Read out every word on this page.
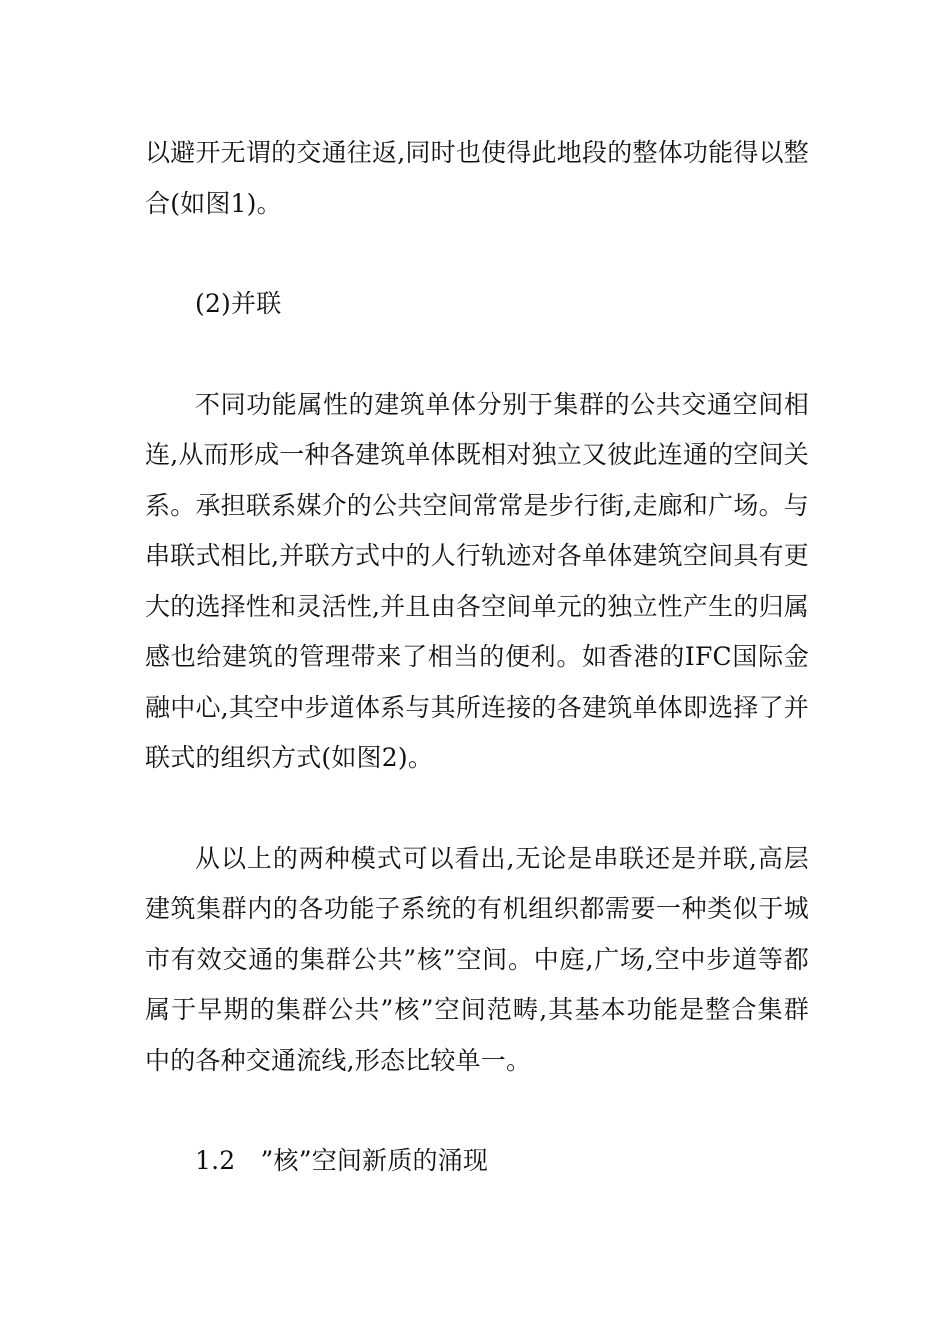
以避开无谓的交通往返,同时也使得此地段的整体功能得以整合(如图1)。

(2)并联

不同功能属性的建筑单体分别于集群的公共交通空间相连,从而形成一种各建筑单体既相对独立又彼此连通的空间关系。承担联系媒介的公共空间常常是步行街,走廊和广场。与串联式相比,并联方式中的人行轨迹对各单体建筑空间具有更大的选择性和灵活性,并且由各空间单元的独立性产生的归属感也给建筑的管理带来了相当的便利。如香港的IFC国际金融中心,其空中步道体系与其所连接的各建筑单体即选择了并联式的组织方式(如图2)。

从以上的两种模式可以看出,无论是串联还是并联,高层建筑集群内的各功能子系统的有机组织都需要一种类似于城市有效交通的集群公共”核”空间。中庭,广场,空中步道等都属于早期的集群公共”核”空间范畴,其基本功能是整合集群中的各种交通流线,形态比较单一。

1.2　”核”空间新质的涌现
